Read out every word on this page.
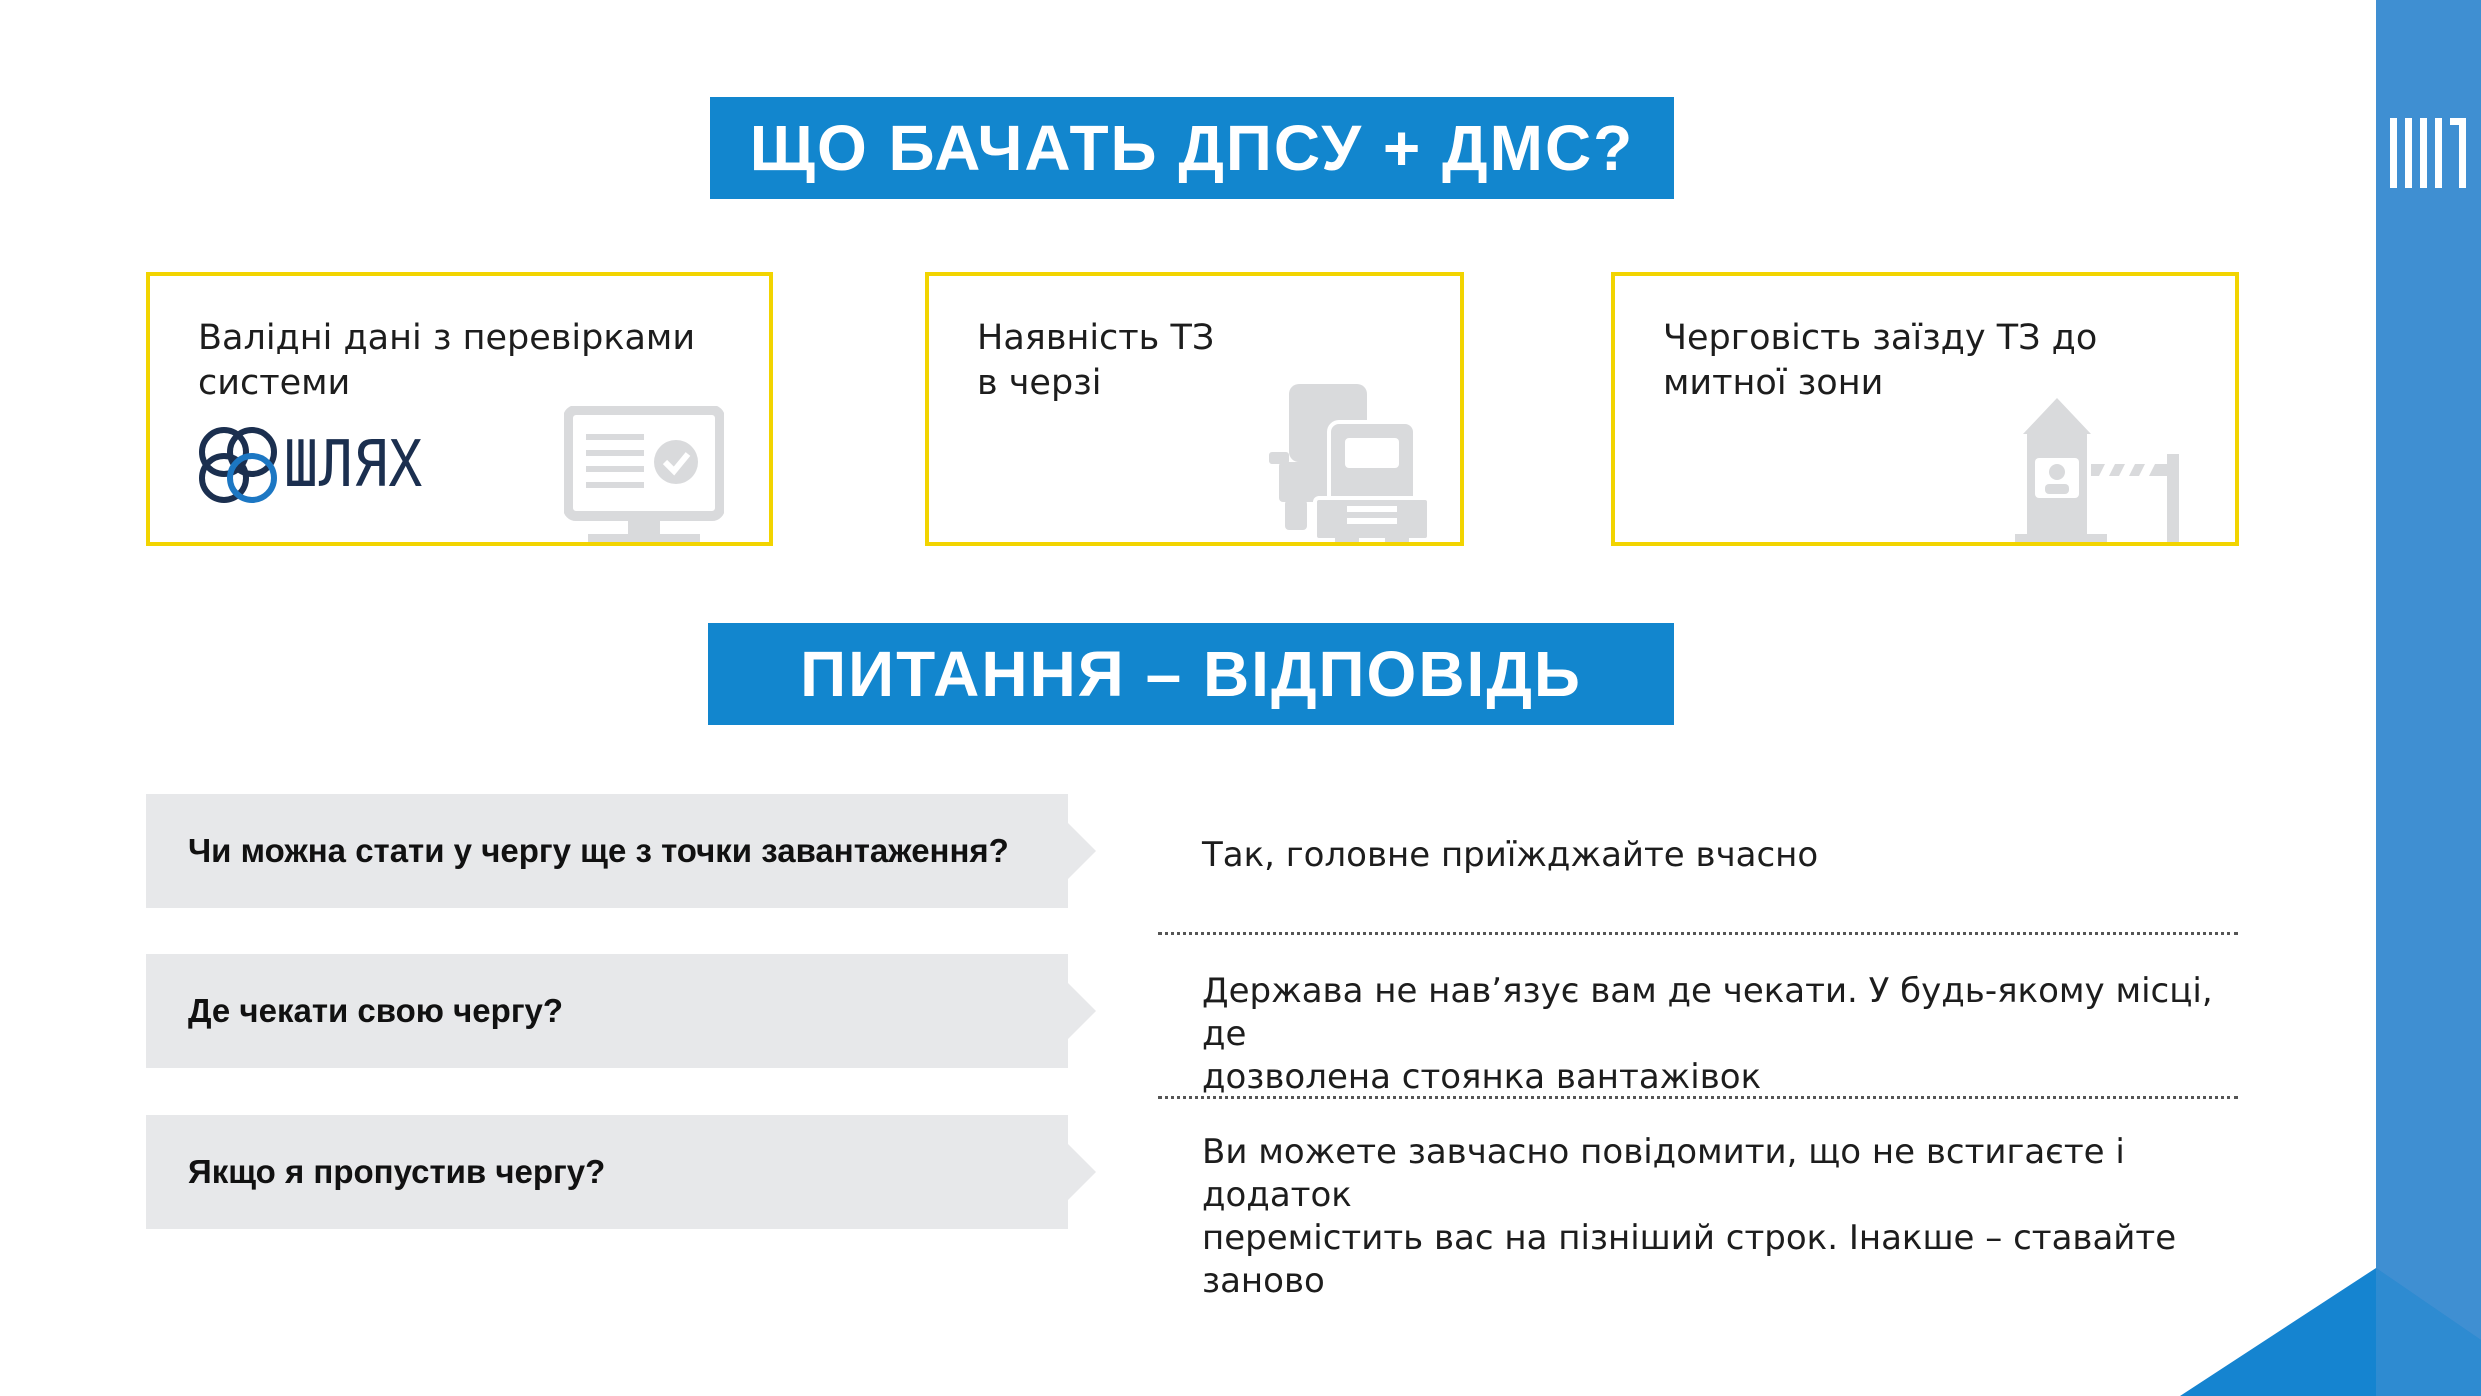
ЩО БАЧАТЬ ДПСУ + ДМС?
Валідні дані з перевірками
системи
ШЛЯХ
Наявність ТЗ
в черзі
Черговість заїзду ТЗ до
митної зони
ПИТАННЯ – ВІДПОВІДЬ
Чи можна стати у чергу ще з точки завантаження?	Так, головне приїжджайте вчасно
Де чекати свою чергу?	Держава не нав’язує вам де чекати. У будь-якому місці, де
дозволена стоянка вантажівок
Якщо я пропустив чергу?	Ви можете завчасно повідомити, що не встигаєте і додаток
перемістить вас на пізніший строк. Інакше – ставайте заново
